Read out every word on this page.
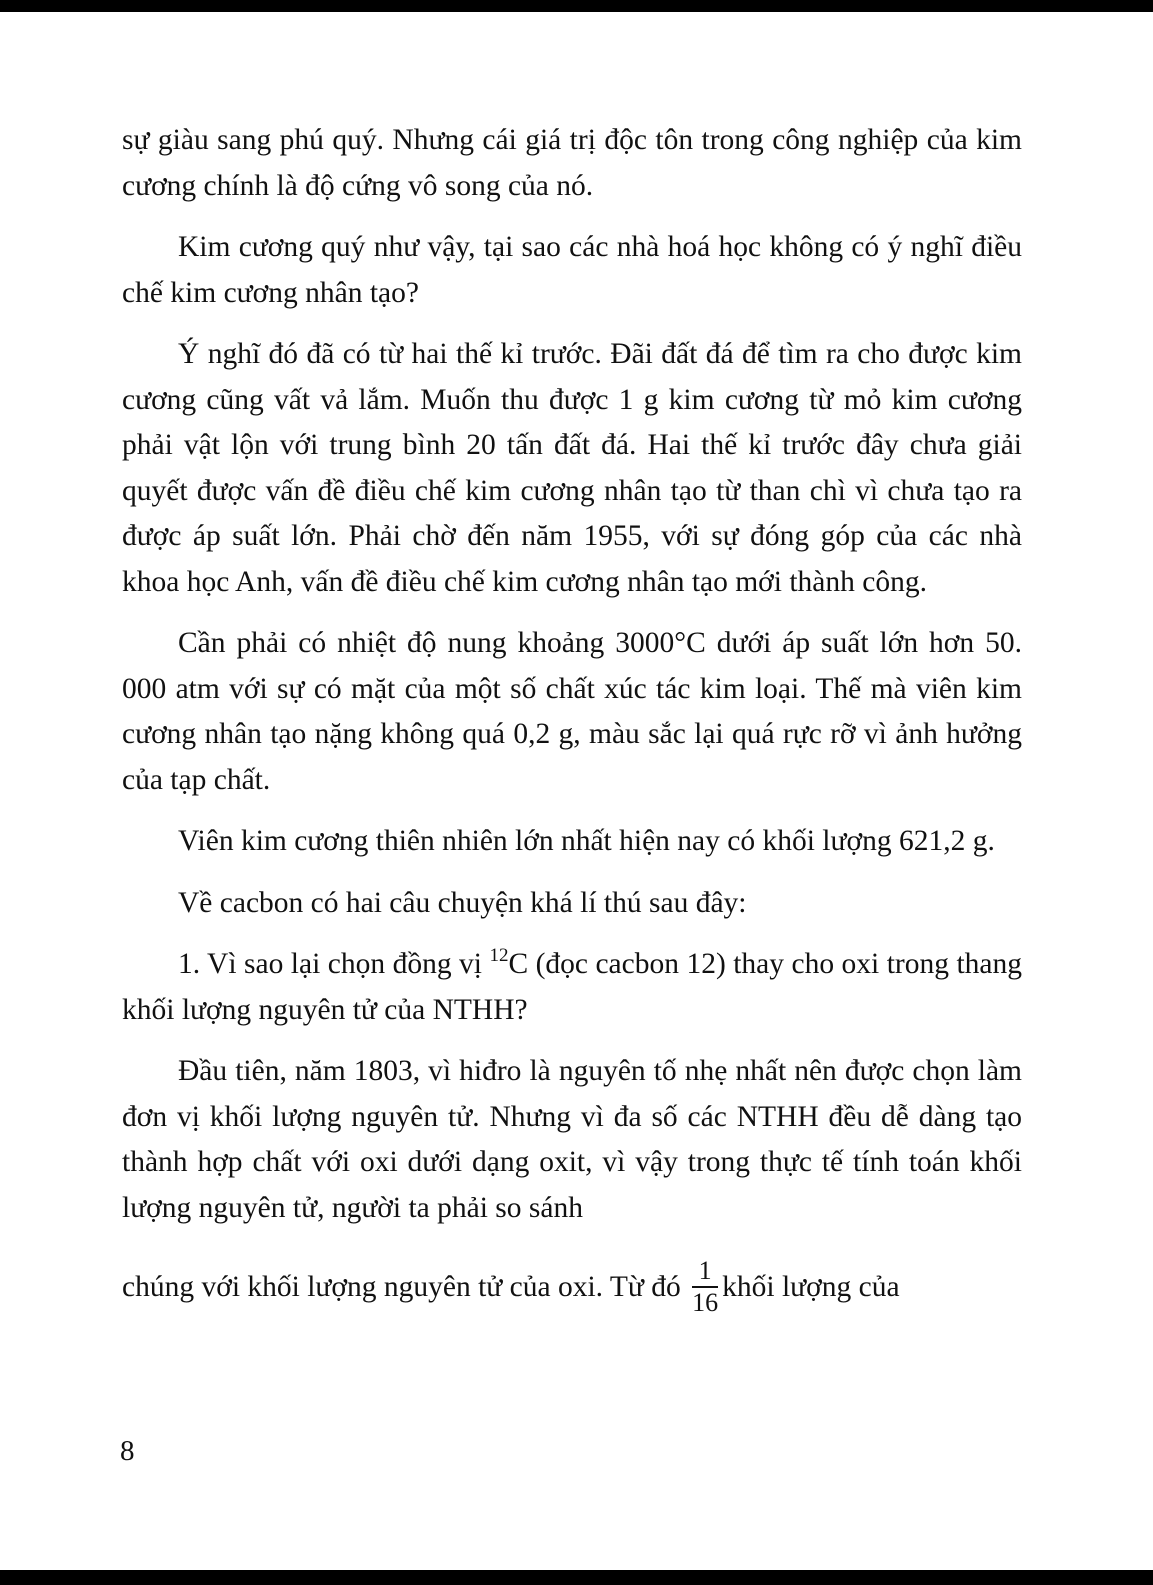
sự giàu sang phú quý. Nhưng cái giá trị độc tôn trong công nghiệp của kim cương chính là độ cứng vô song của nó.

Kim cương quý như vậy, tại sao các nhà hoá học không có ý nghĩ điều chế kim cương nhân tạo?

Ý nghĩ đó đã có từ hai thế kỉ trước. Đãi đất đá để tìm ra cho được kim cương cũng vất vả lắm. Muốn thu được 1 g kim cương từ mỏ kim cương phải vật lộn với trung bình 20 tấn đất đá. Hai thế kỉ trước đây chưa giải quyết được vấn đề điều chế kim cương nhân tạo từ than chì vì chưa tạo ra được áp suất lớn. Phải chờ đến năm 1955, với sự đóng góp của các nhà khoa học Anh, vấn đề điều chế kim cương nhân tạo mới thành công.

Cần phải có nhiệt độ nung khoảng 3000°C dưới áp suất lớn hơn 50. 000 atm với sự có mặt của một số chất xúc tác kim loại. Thế mà viên kim cương nhân tạo nặng không quá 0,2 g, màu sắc lại quá rực rỡ vì ảnh hưởng của tạp chất.

Viên kim cương thiên nhiên lớn nhất hiện nay có khối lượng 621,2 g.

Về cacbon có hai câu chuyện khá lí thú sau đây:

1. Vì sao lại chọn đồng vị $^{12}$C (đọc cacbon 12) thay cho oxi trong thang khối lượng nguyên tử của NTHH?

Đầu tiên, năm 1803, vì hiđro là nguyên tố nhẹ nhất nên được chọn làm đơn vị khối lượng nguyên tử. Nhưng vì đa số các NTHH đều dễ dàng tạo thành hợp chất với oxi dưới dạng oxit, vì vậy trong thực tế tính toán khối lượng nguyên tử, người ta phải so sánh

chúng với khối lượng nguyên tử của oxi. Từ đó $\frac{1}{16}$ khối lượng của

8
